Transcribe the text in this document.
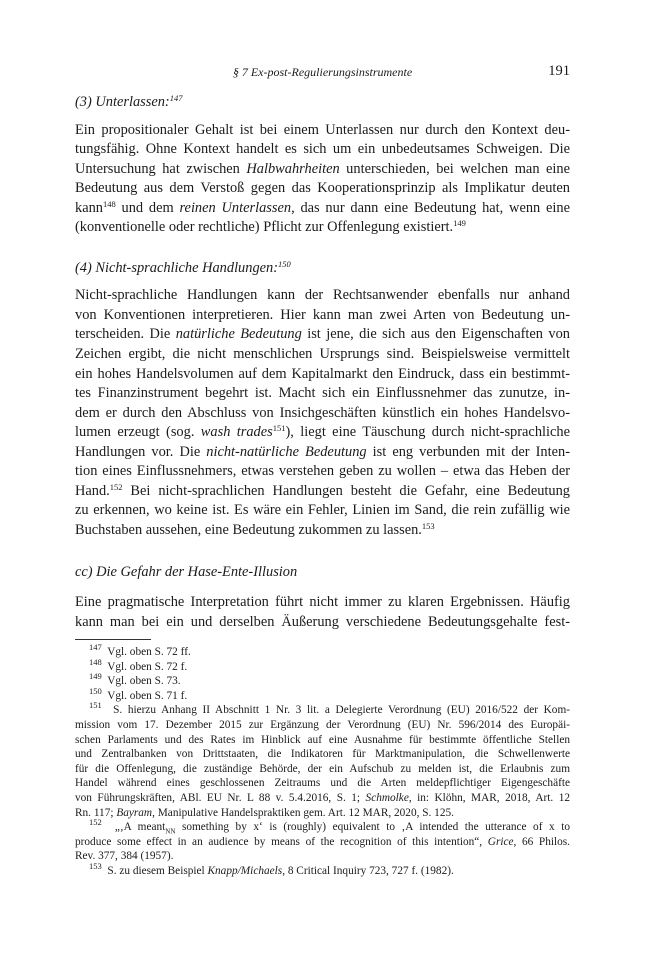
§ 7 Ex-post-Regulierungsinstrumente	191

(3) Unterlassen:$^{147}$

Ein propositionaler Gehalt ist bei einem Unterlassen nur durch den Kontext deu-
tungsfähig. Ohne Kontext handelt es sich um ein unbedeutsames Schweigen. Die
Untersuchung hat zwischen Halbwahrheiten unterschieden, bei welchen man eine
Bedeutung aus dem Verstoß gegen das Kooperationsprinzip als Implikatur deuten
kann$^{148}$ und dem reinen Unterlassen, das nur dann eine Bedeutung hat, wenn eine
(konventionelle oder rechtliche) Pflicht zur Offenlegung existiert.$^{149}$

(4) Nicht-sprachliche Handlungen:$^{150}$

Nicht-sprachliche Handlungen kann der Rechtsanwender ebenfalls nur anhand
von Konventionen interpretieren. Hier kann man zwei Arten von Bedeutung un-
terscheiden. Die natürliche Bedeutung ist jene, die sich aus den Eigenschaften von
Zeichen ergibt, die nicht menschlichen Ursprungs sind. Beispielsweise vermittelt
ein hohes Handelsvolumen auf dem Kapitalmarkt den Eindruck, dass ein bestimmt-
tes Finanzinstrument begehrt ist. Macht sich ein Einflussnehmer das zunutze, in-
dem er durch den Abschluss von Insichgeschäften künstlich ein hohes Handelsvo-
lumen erzeugt (sog. wash trades$^{151}$), liegt eine Täuschung durch nicht-sprachliche
Handlungen vor. Die nicht-natürliche Bedeutung ist eng verbunden mit der Inten-
tion eines Einflussnehmers, etwas verstehen geben zu wollen – etwa das Heben der
Hand.$^{152}$ Bei nicht-sprachlichen Handlungen besteht die Gefahr, eine Bedeutung
zu erkennen, wo keine ist. Es wäre ein Fehler, Linien im Sand, die rein zufällig wie
Buchstaben aussehen, eine Bedeutung zukommen zu lassen.$^{153}$

cc) Die Gefahr der Hase-Ente-Illusion

Eine pragmatische Interpretation führt nicht immer zu klaren Ergebnissen. Häufig
kann man bei ein und derselben Äußerung verschiedene Bedeutungsgehalte fest-

$^{147}$ Vgl. oben S. 72 ff.

$^{148}$ Vgl. oben S. 72 f.

$^{149}$ Vgl. oben S. 73.

$^{150}$ Vgl. oben S. 71 f.

$^{151}$ S. hierzu Anhang II Abschnitt 1 Nr. 3 lit. a Delegierte Verordnung (EU) 2016/522 der Kom-
mission vom 17. Dezember 2015 zur Ergänzung der Verordnung (EU) Nr. 596/2014 des Europäi-
schen Parlaments und des Rates im Hinblick auf eine Ausnahme für bestimmte öffentliche Stellen
und Zentralbanken von Drittstaaten, die Indikatoren für Marktmanipulation, die Schwellenwerte
für die Offenlegung, die zuständige Behörde, der ein Aufschub zu melden ist, die Erlaubnis zum
Handel während eines geschlossenen Zeitraums und die Arten meldepflichtiger Eigengeschäfte
von Führungskräften, ABl. EU Nr. L 88 v. 5.4.2016, S. 1; Schmolke, in: Klöhn, MAR, 2018, Art. 12
Rn. 117; Bayram, Manipulative Handelspraktiken gem. Art. 12 MAR, 2020, S. 125.

$^{152}$ „‚A meant$_{NN}$ something by x‘ is (roughly) equivalent to ‚A intended the utterance of x to
produce some effect in an audience by means of the recognition of this intention“, Grice, 66 Philos.
Rev. 377, 384 (1957).

$^{153}$ S. zu diesem Beispiel Knapp/Michaels, 8 Critical Inquiry 723, 727 f. (1982).
